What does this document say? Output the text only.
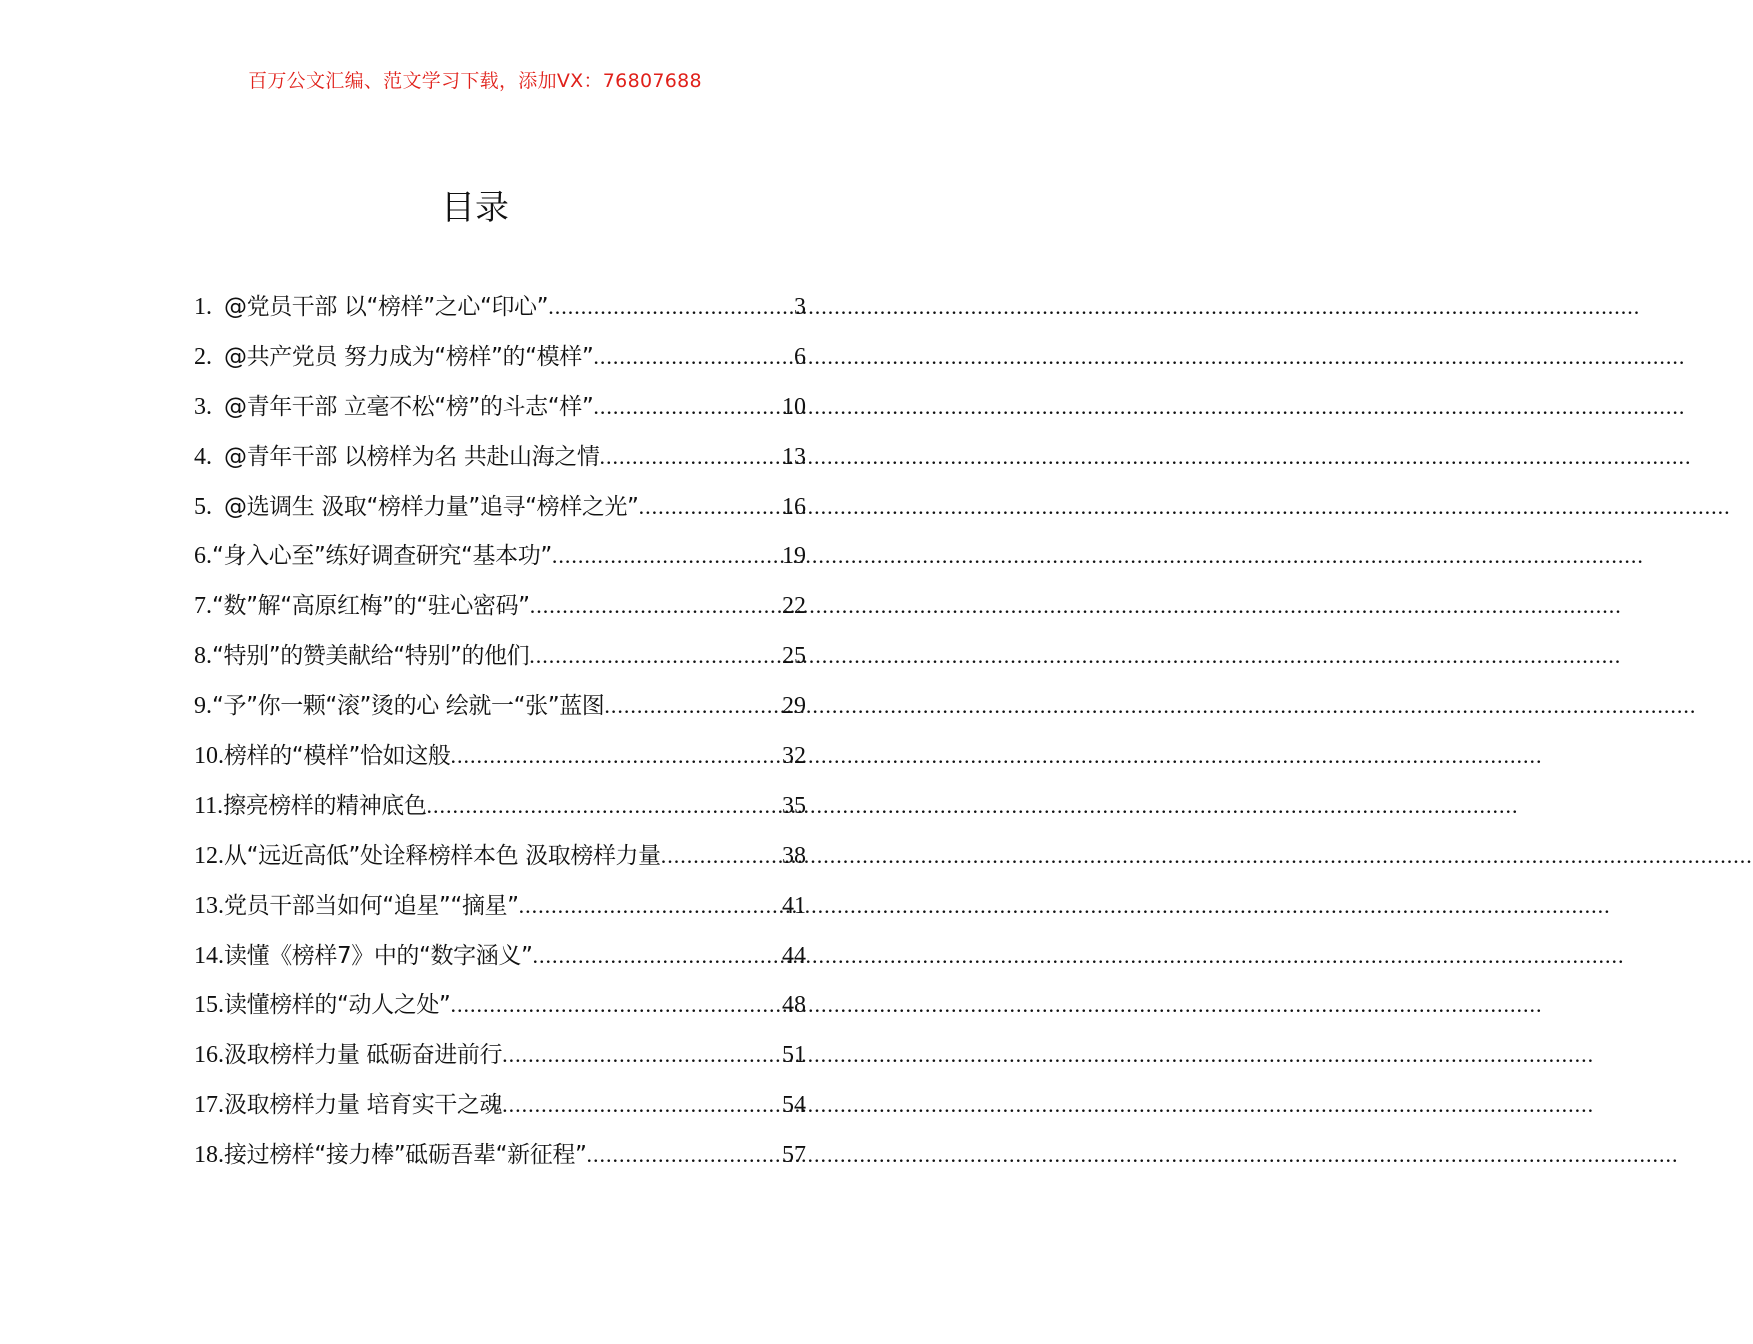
百万公文汇编、范文学习下载，添加VX：76807688
目录
1. @党员干部 以“榜样”之心“印心” .....	3
2. @共产党员 努力成为“榜样”的“模样” .....	6
3. @青年干部 立毫不松“榜”的斗志“样” .....	10
4. @青年干部 以榜样为名 共赴山海之情 .....	13
5. @选调生 汲取“榜样力量”追寻“榜样之光” .....	16
6. “身入心至”练好调查研究“基本功” .....	19
7. “数”解“高原红梅”的“驻心密码” .....	22
8. “特别”的赞美献给“特别”的他们 .....	25
9. “予”你一颗“滚”烫的心 绘就一“张”蓝图 .....	29
10. 榜样的“模样”恰如这般 .....	32
11. 擦亮榜样的精神底色 .....	35
12. 从“远近高低”处诠释榜样本色 汲取榜样力量 .....	38
13. 党员干部当如何“追星”“摘星” .....	41
14. 读懂《榜样7》中的“数字涵义” .....	44
15. 读懂榜样的“动人之处” .....	48
16. 汲取榜样力量 砥砺奋进前行 .....	51
17. 汲取榜样力量 培育实干之魂 .....	54
18. 接过榜样“接力棒”砥砺吾辈“新征程” .....	57
